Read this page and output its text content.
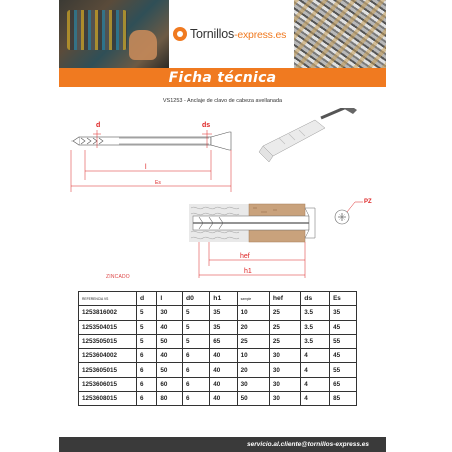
Tornillos-express.es
Ficha técnica
VS1253 - Anclaje de clavo de cabeza avellanada
d	ds
l
Es
hef
h1
PZ
ZINCADO
REFERENCIA VS	d	l	d0	h1	sample	hef	ds	Es
1253816002	5	30	5	35	10	25	3.5	35
1253504015	5	40	5	35	20	25	3.5	45
1253505015	5	50	5	65	25	25	3.5	55
1253604002	6	40	6	40	10	30	4	45
1253605015	6	50	6	40	20	30	4	55
1253606015	6	60	6	40	30	30	4	65
1253608015	6	80	6	40	50	30	4	85
servicio.al.cliente@tornillos-express.es
